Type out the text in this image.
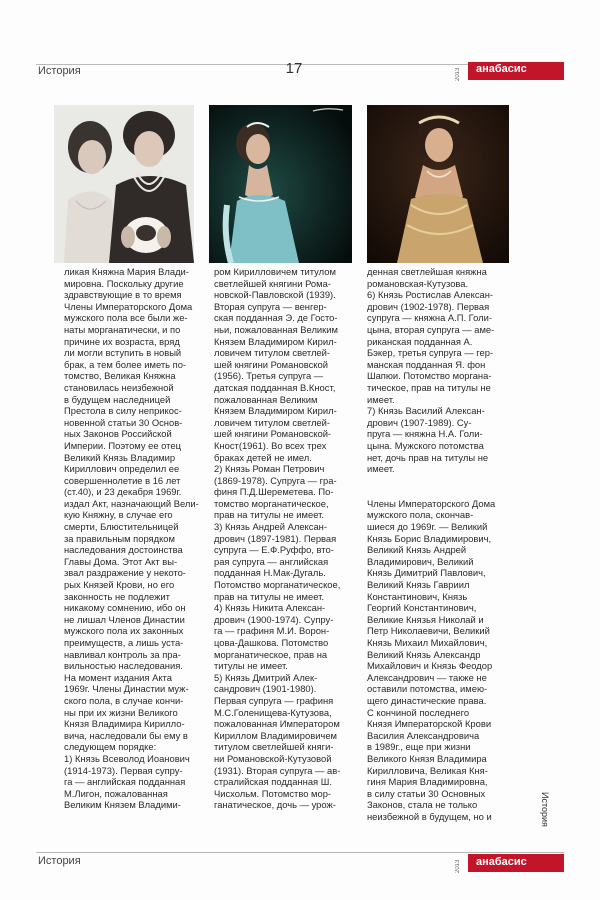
История	2013	анабасис
17

ликая Княжна Мария Влади-

мировна. Поскольку другие

здравствующие в то время

Члены Императорского Дома

мужского пола все были жe-

наты морганатически, и по

причине их возраста, вряд

ли могли вступить в новый

брак, а тем более иметь по-

томство, Великая Княжна

становилась неизбежной

в будущем наследницей

Престола в силу неприкос-

новенной статьи 30 Основ-

ных Законов Российской

Империи. Поэтому ее отец

Великий Князь Владимир

Кириллович определил ее

совершеннолетие в 16 лет

(ст.40), и 23 декабря 1969г.

издал Акт, назначающий Вели-

кую Княжну, в случае его

смерти, Блюстительницей

за правильным порядком

наследования достоинства

Главы Дома. Этот Акт вы-

звал раздражение у некото-

рых Князей Крови, но его

законность не подлежит

никакому сомнению, ибо он

не лишал Членов Династии

мужского пола их законных

преимуществ, а лишь уста-

навливал контроль за пра-

вильностью наследования.

На момент издания Акта

1969г. Члены Династии муж-

ского пола, в случае кончи-

ны при их жизни Великого

Князя Владимира Кирилло-

вича, наследовали бы ему в

следующем порядке:

1) Князь Всеволод Иоанович

(1914-1973). Первая супру-

га — английская подданная

М.Лигон, пожалованная

Великим Князем Владими-

ром Кирилловичем титулом

светлейшей княгини Рома-

новской-Павловской (1939).

Вторая супруга — венгер-

ская подданная Э. де Госто-

ньи, пожалованная Великим

Князем Владимиром Кирил-

ловичем титулом светлей-

шей княгини Романовской

(1956). Третья супруга —

датская подданная В.Кност,

пожалованная Великим

Князем Владимиром Кирил-

ловичем титулом светлей-

шей княгини Романовской-

Кност(1961). Во всех трех

браках детей не имел.

2) Князь Роман Петрович

(1869-1978). Супруга — гра-

финя П.Д.Шереметева. По-

томство морганатическое,

прав на титулы не имеет.

3) Князь Андрей Алексан-

дрович (1897-1981). Первая

супруга — Е.Ф.Руффо, вто-

рая супруга — английская

подданная Н.Мак-Дугаль.

Потомство морганатическое,

прав на титулы не имеет.

4) Князь Никита Алексан-

дрович (1900-1974). Супру-

га — графиня М.И. Ворон-

цова-Дашкова. Потомство

морганатическое, прав на

титулы не имеет.

5) Князь Дмитрий Алек-

сандрович (1901-1980).

Первая супруга — графиня

М.С.Голенищева-Кутузова,

пожалованная Императором

Кириллом Владимировичем

титулом светлейшей княги-

ни Романовской-Кутузовой

(1931). Вторая супруга — ав-

стралийская подданная Ш.

Чисхольм. Потомство мор-

ганатическое, дочь — урож-

денная светлейшая княжна

романовская-Кутузова.

6) Князь Ростислав Алексан-

дрович (1902-1978). Первая

супруга — княжна А.П. Голи-

цына, вторая супруга — аме-

риканская подданная А.

Бэкер, третья супруга — гер-

манская подданная Я. фон

Шапюи. Потомство морганa-

тическое, прав на титулы не

имеет.

7) Князь Василий Алексан-

дрович (1907-1989). Су-

пруга — княжна Н.А. Голи-

цына. Мужского потомства

нет, дочь прав на титулы не

имеет.

Члены Императорского Дома

мужского пола, скончав-

шиеся до 1969г. — Великий

Князь Борис Владимирович,

Великий Князь Андрей

Владимирович, Великий

Князь Димитрий Павлович,

Великий Князь Гавриил

Константинович, Князь

Георгий Константинович,

Великие Князья Николай и

Петр Николаевичи, Великий

Князь Михаил Михайлович,

Великий Князь Александр

Михайлович и Князь Феодор

Александрович — также не

оставили потомства, имею-

щего династические права.

С кончиной последнего

Князя Императорской Крови

Василия Александровича

в 1989г., еще при жизни

Великого Князя Владимира

Кирилловича, Великая Кня-

гиня Мария Владимировна,

в силу статьи 30 Основных

Законов, стала не только

неизбежной в будущем, но и	История
История	2013	анабасис
